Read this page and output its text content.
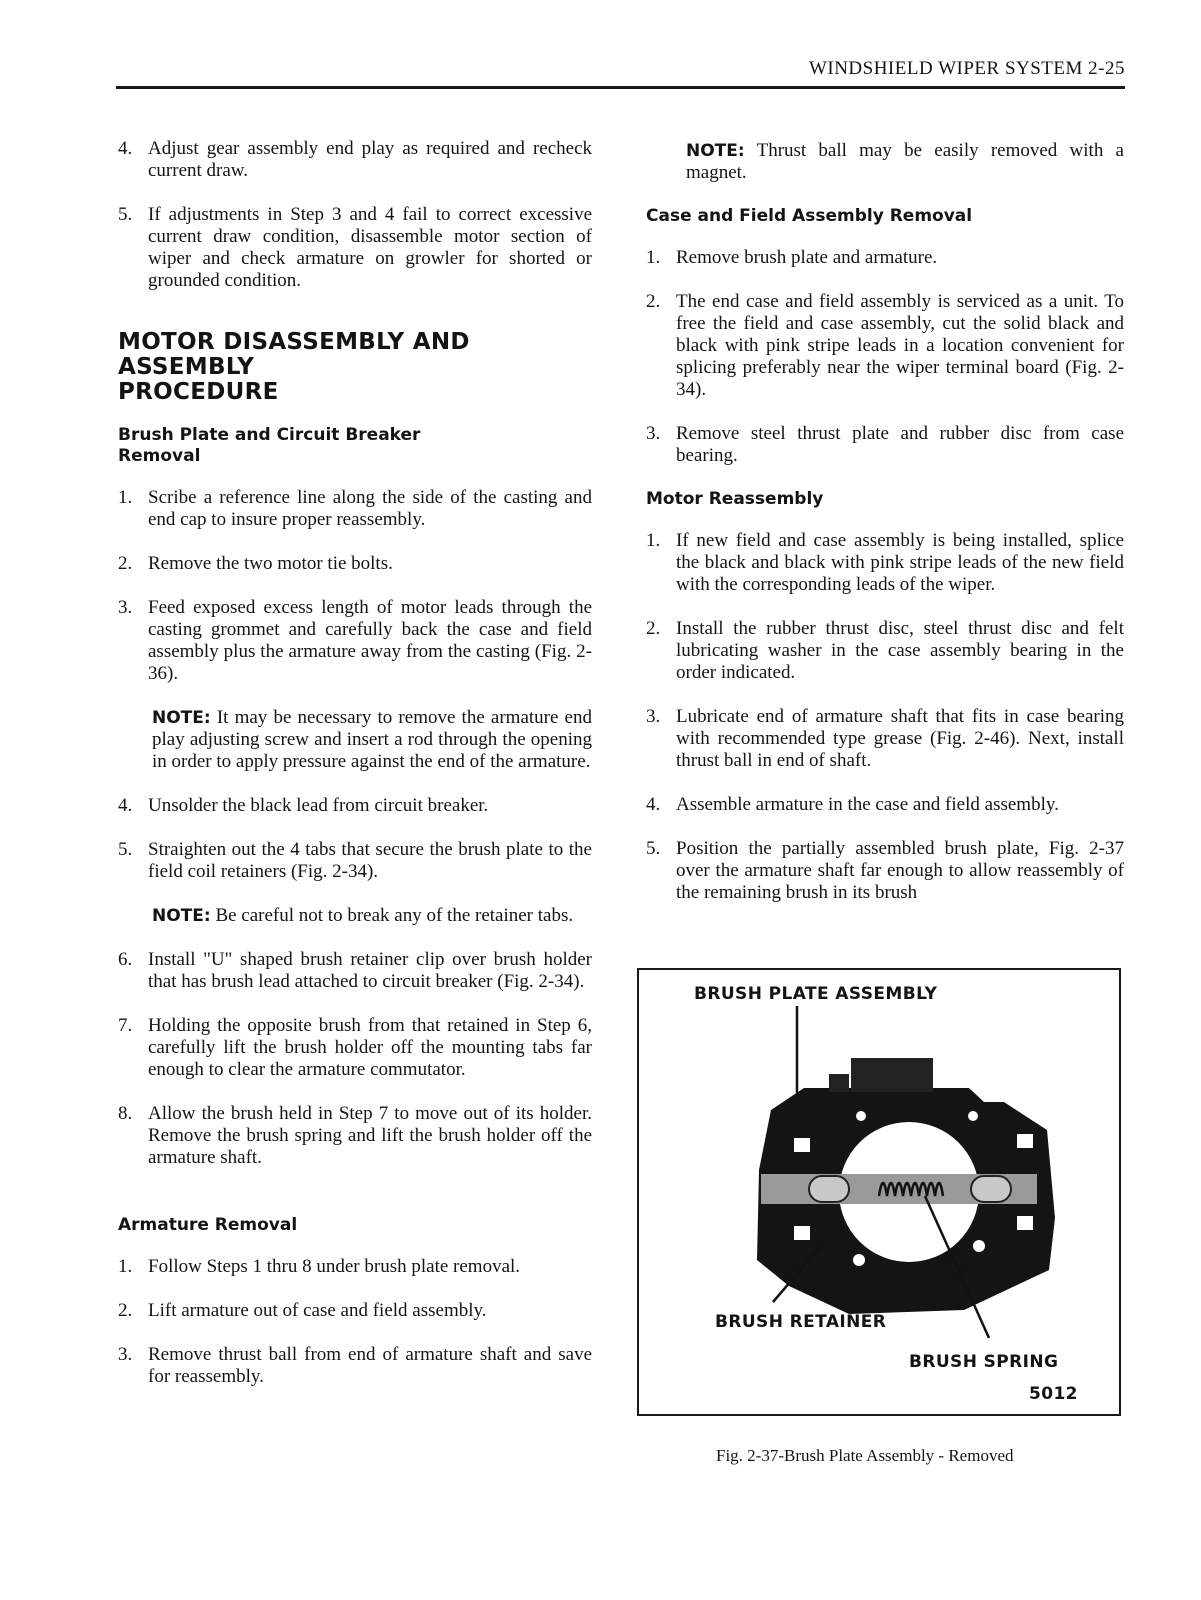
WINDSHIELD WIPER SYSTEM 2-25
4. Adjust gear assembly end play as required and recheck current draw.
5. If adjustments in Step 3 and 4 fail to correct excessive current draw condition, disassemble motor section of wiper and check armature on growler for shorted or grounded condition.
MOTOR DISASSEMBLY AND ASSEMBLY
PROCEDURE
Brush Plate and Circuit Breaker
Removal
1. Scribe a reference line along the side of the casting and end cap to insure proper reassembly.
2. Remove the two motor tie bolts.
3. Feed exposed excess length of motor leads through the casting grommet and carefully back the case and field assembly plus the armature away from the casting (Fig. 2-36).
NOTE: It may be necessary to remove the armature end play adjusting screw and insert a rod through the opening in order to apply pressure against the end of the armature.
4. Unsolder the black lead from circuit breaker.
5. Straighten out the 4 tabs that secure the brush plate to the field coil retainers (Fig. 2-34).
NOTE: Be careful not to break any of the retainer tabs.
6. Install "U" shaped brush retainer clip over brush holder that has brush lead attached to circuit breaker (Fig. 2-34).
7. Holding the opposite brush from that retained in Step 6, carefully lift the brush holder off the mounting tabs far enough to clear the armature commutator.
8. Allow the brush held in Step 7 to move out of its holder. Remove the brush spring and lift the brush holder off the armature shaft.
Armature Removal
1. Follow Steps 1 thru 8 under brush plate removal.
2. Lift armature out of case and field assembly.
3. Remove thrust ball from end of armature shaft and save for reassembly.
NOTE: Thrust ball may be easily removed with a magnet.
Case and Field Assembly Removal
1. Remove brush plate and armature.
2. The end case and field assembly is serviced as a unit. To free the field and case assembly, cut the solid black and black with pink stripe leads in a location convenient for splicing preferably near the wiper terminal board (Fig. 2-34).
3. Remove steel thrust plate and rubber disc from case bearing.
Motor Reassembly
1. If new field and case assembly is being installed, splice the black and black with pink stripe leads of the new field with the corresponding leads of the wiper.
2. Install the rubber thrust disc, steel thrust disc and felt lubricating washer in the case assembly bearing in the order indicated.
3. Lubricate end of armature shaft that fits in case bearing with recommended type grease (Fig. 2-46). Next, install thrust ball in end of shaft.
4. Assemble armature in the case and field assembly.
5. Position the partially assembled brush plate, Fig. 2-37 over the armature shaft far enough to allow reassembly of the remaining brush in its brush
BRUSH PLATE ASSEMBLY
BRUSH RETAINER
BRUSH SPRING
5012
Fig. 2-37-Brush Plate Assembly - Removed
